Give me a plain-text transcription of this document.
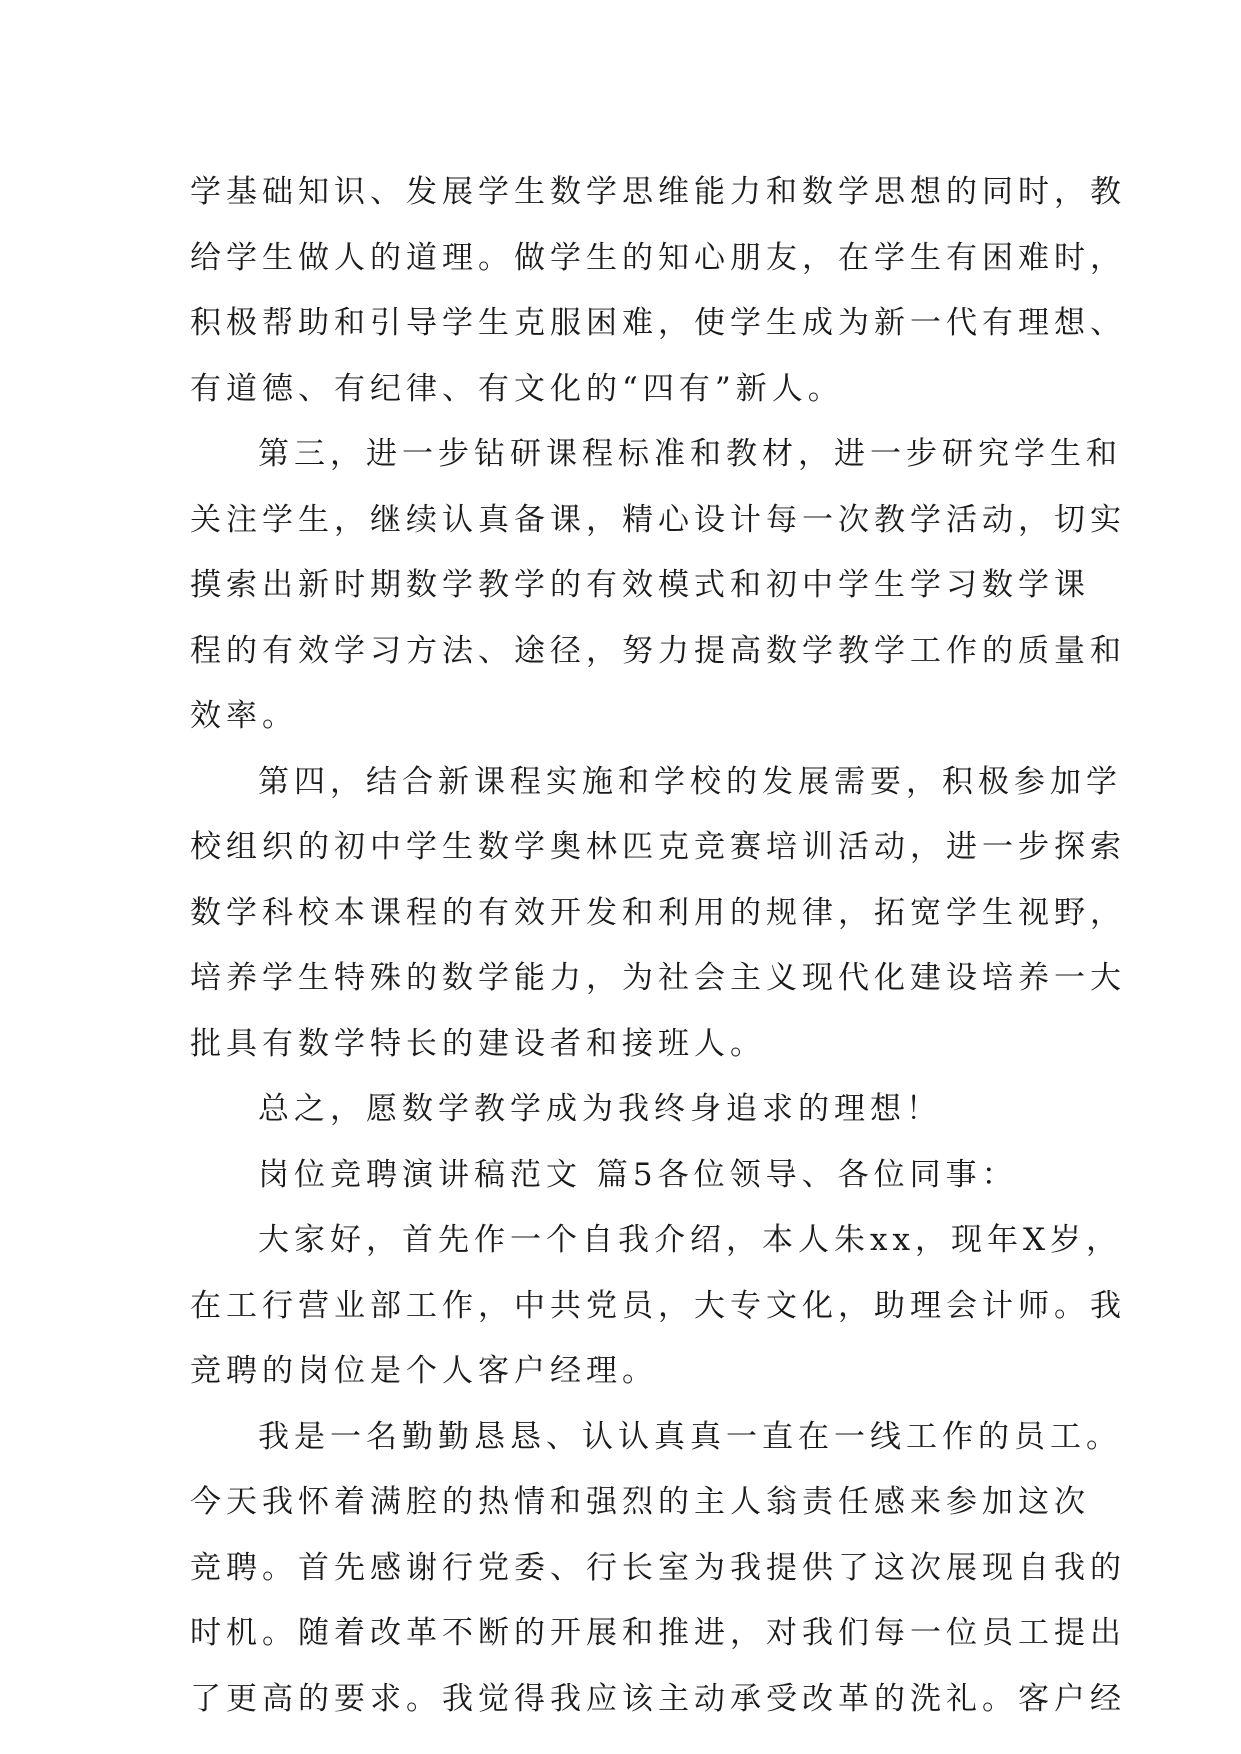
学基础知识、发展学生数学思维能力和数学思想的同时，教
给学生做人的道理。做学生的知心朋友，在学生有困难时，
积极帮助和引导学生克服困难，使学生成为新一代有理想、
有道德、有纪律、有文化的“四有”新人。
第三，进一步钻研课程标准和教材，进一步研究学生和
关注学生，继续认真备课，精心设计每一次教学活动，切实
摸索出新时期数学教学的有效模式和初中学生学习数学课
程的有效学习方法、途径，努力提高数学教学工作的质量和
效率。
第四，结合新课程实施和学校的发展需要，积极参加学
校组织的初中学生数学奥林匹克竞赛培训活动，进一步探索
数学科校本课程的有效开发和利用的规律，拓宽学生视野，
培养学生特殊的数学能力，为社会主义现代化建设培养一大
批具有数学特长的建设者和接班人。
总之，愿数学教学成为我终身追求的理想！
岗位竞聘演讲稿范文 篇5各位领导、各位同事：
大家好，首先作一个自我介绍，本人朱xx，现年X岁，
在工行营业部工作，中共党员，大专文化，助理会计师。我
竞聘的岗位是个人客户经理。
我是一名勤勤恳恳、认认真真一直在一线工作的员工。
今天我怀着满腔的热情和强烈的主人翁责任感来参加这次
竞聘。首先感谢行党委、行长室为我提供了这次展现自我的
时机。随着改革不断的开展和推进，对我们每一位员工提出
了更高的要求。我觉得我应该主动承受改革的洗礼。客户经
